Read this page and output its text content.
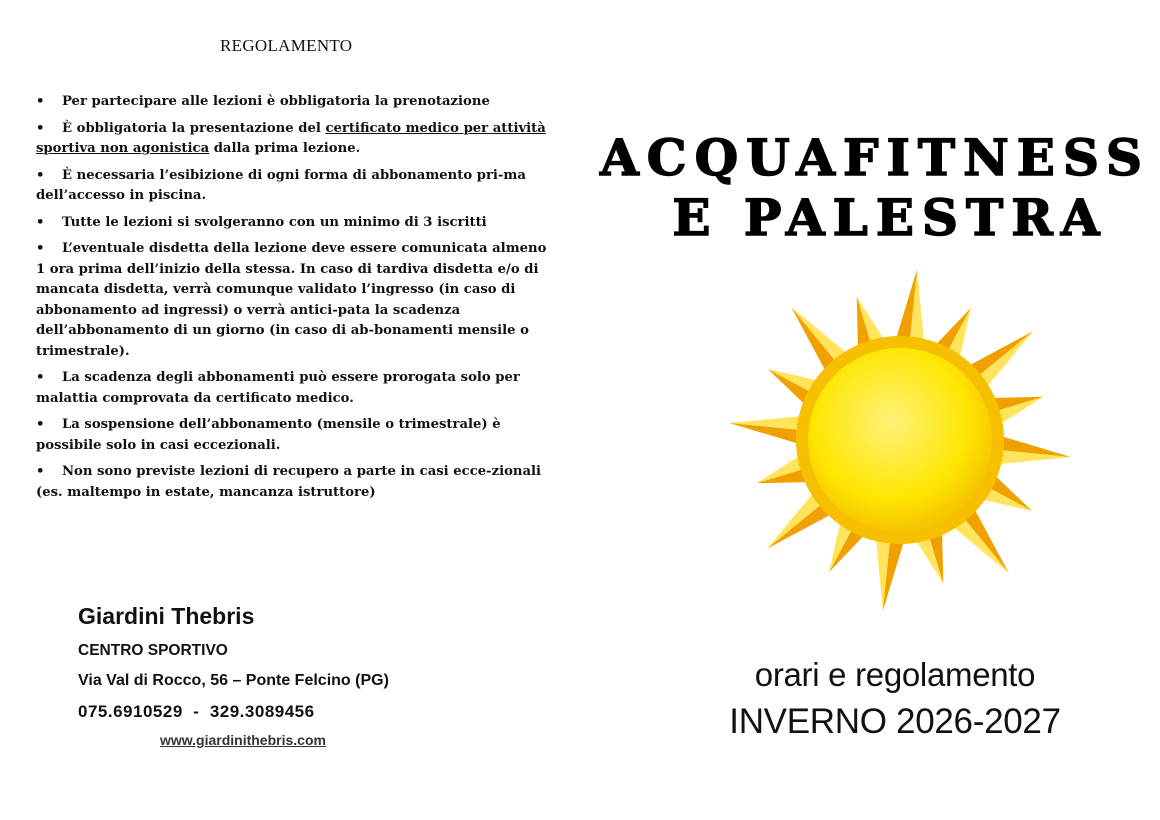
REGOLAMENTO
• Per partecipare alle lezioni è obbligatoria la prenotazione
• È obbligatoria la presentazione del certificato medico per attività sportiva non agonistica dalla prima lezione.
• È necessaria l’esibizione di ogni forma di abbonamento pri-ma dell’accesso in piscina.
• Tutte le lezioni si svolgeranno con un minimo di 3 iscritti
• L’eventuale disdetta della lezione deve essere comunicata almeno 1 ora prima dell’inizio della stessa. In caso di tardiva disdetta e/o di mancata disdetta, verrà comunque validato l’ingresso (in caso di abbonamento ad ingressi) o verrà antici-pata la scadenza dell’abbonamento di un giorno (in caso di ab-bonamenti mensile o trimestrale).
• La scadenza degli abbonamenti può essere prorogata solo per malattia comprovata da certificato medico.
• La sospensione dell’abbonamento (mensile o trimestrale) è possibile solo in casi eccezionali.
• Non sono previste lezioni di recupero a parte in casi ecce-zionali (es. maltempo in estate, mancanza istruttore)
Giardini Thebris
CENTRO SPORTIVO
Via Val di Rocco, 56 – Ponte Felcino (PG)
075.6910529  -  329.3089456
www.giardinithebris.com
ACQUAFITNESS
E PALESTRA
orari e regolamento
INVERNO 2026-2027
